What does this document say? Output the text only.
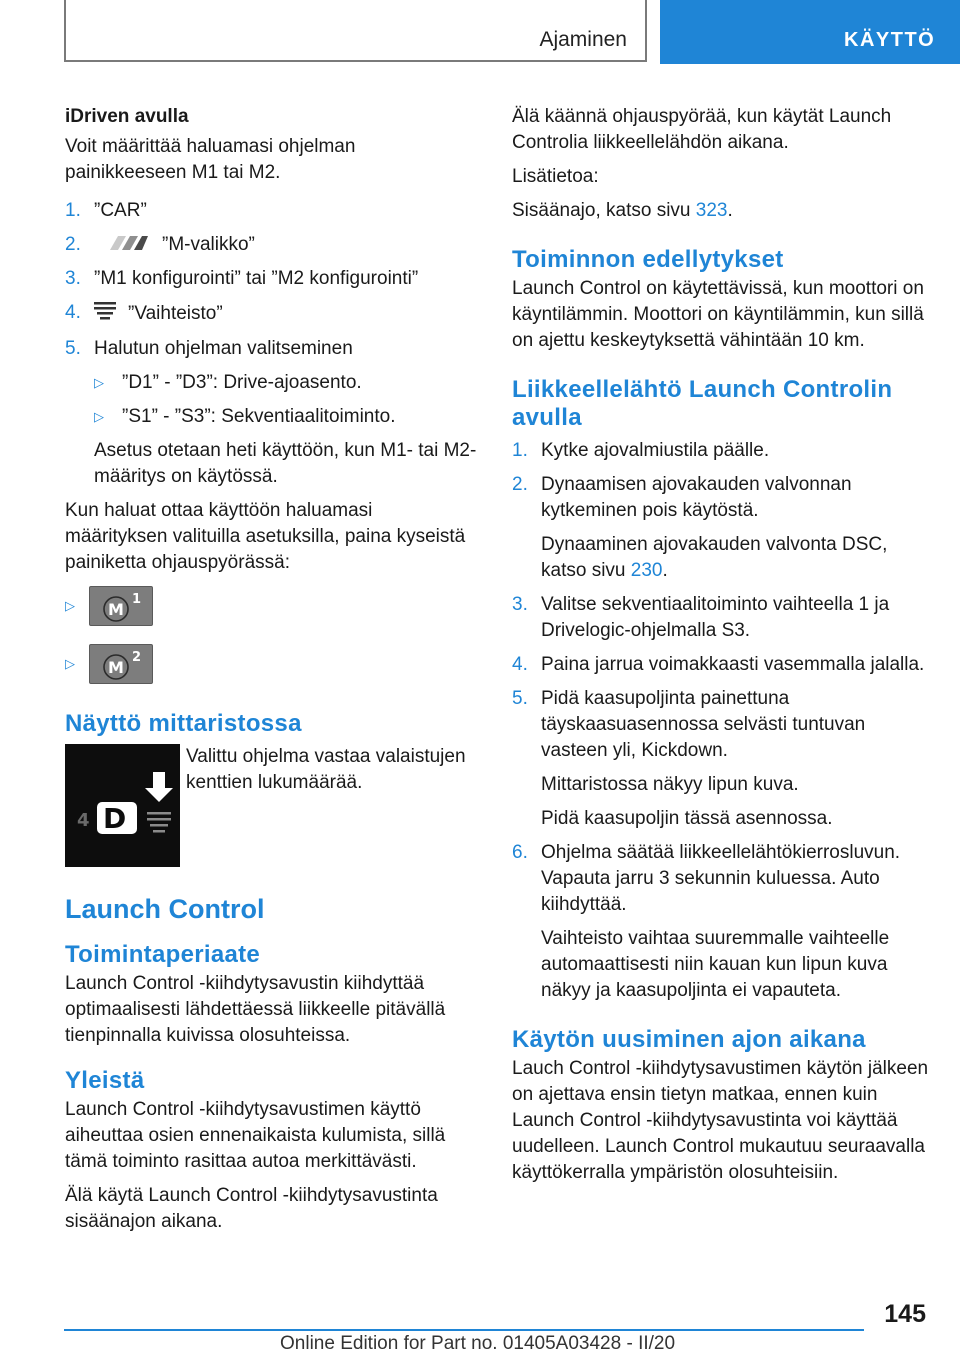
Ajaminen	KÄYTTÖ

iDriven avulla

Voit määrittää haluamasi ohjelman painikkeeseen M1 tai M2.

1. ”CAR”
2.	”M-valikko”
3. ”M1 konfigurointi” tai ”M2 konfigurointi”
4. ”Vaihteisto”
5. Halutun ohjelman valitseminen
▷ ”D1” - ”D3”: Drive-ajoasento.
▷ ”S1” - ”S3”: Sekventiaalitoiminto.

Asetus otetaan heti käyttöön, kun M1- tai M2-määritys on käytössä.

Kun haluat ottaa käyttöön haluamasi määrityksen valituilla asetuksilla, paina kyseistä painiketta ohjauspyörässä:

▷ M
1
▷ M
2
Näyttö mittaristossa
4 D

Valittu ohjelma vastaa valaistujen kenttien lukumäärää.

Launch Control
Toimintaperiaate

Launch Control -kiihdytysavustin kiihdyttää optimaalisesti lähdettäessä liikkeelle pitävällä tienpinnalla kuivissa olosuhteissa.

Yleistä

Launch Control -kiihdytysavustimen käyttö aiheuttaa osien ennenaikaista kulumista, sillä tämä toiminto rasittaa autoa merkittävästi.

Älä käytä Launch Control -kiihdytysavustinta sisäänajon aikana.

Älä käännä ohjauspyörää, kun käytät Launch Controlia liikkeellelähdön aikana.

Lisätietoa:

Sisäänajo, katso sivu 323.

Toiminnon edellytykset

Launch Control on käytettävissä, kun moottori on käyntilämmin. Moottori on käyntilämmin, kun sillä on ajettu keskeytyksettä vähintään 10 km.

Liikkeellelähtö Launch Controlin avulla
1. Kytke ajovalmiustila päälle.
2. Dynaamisen ajovakauden valvonnan kytkeminen pois käytöstä.

Dynaaminen ajovakauden valvonta DSC, katso sivu 230.

3. Valitse sekventiaalitoiminto vaihteella 1 ja Drivelogic-ohjelmalla S3.
4. Paina jarrua voimakkaasti vasemmalla jalalla.
5. Pidä kaasupoljinta painettuna täyskaasuasennossa selvästi tuntuvan vasteen yli, Kickdown.

Mittaristossa näkyy lipun kuva.

Pidä kaasupoljin tässä asennossa.

6. Ohjelma säätää liikkeellelähtökierrosluvun. Vapauta jarru 3 sekunnin kuluessa. Auto kiihdyttää.

Vaihteisto vaihtaa suuremmalle vaihteelle automaattisesti niin kauan kun lipun kuva näkyy ja kaasupoljinta ei vapauteta.

Käytön uusiminen ajon aikana

Lauch Control -kiihdytysavustimen käytön jälkeen on ajettava ensin tietyn matkaa, ennen kuin Launch Control -kiihdytysavustinta voi käyttää uudelleen. Launch Control mukautuu seuraavalla käyttökerralla ympäristön olosuhteisiin.

145
Online Edition for Part no. 01405A03428 - II/20
